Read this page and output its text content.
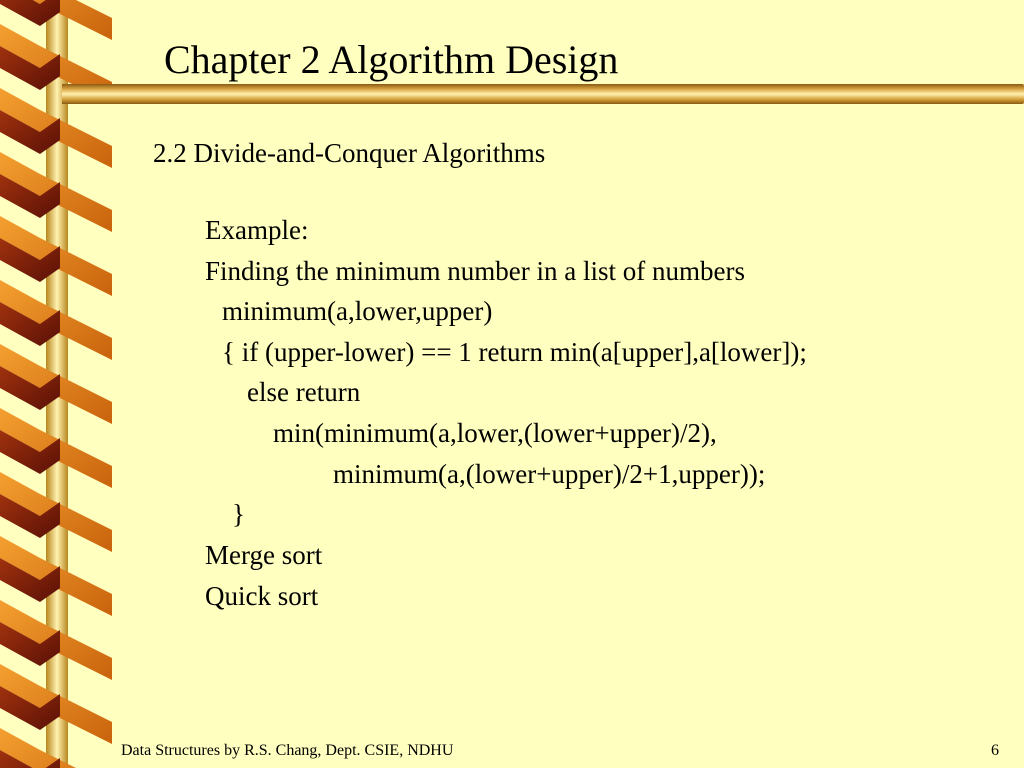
Chapter 2 Algorithm Design
2.2 Divide-and-Conquer Algorithms
Example:
Finding the minimum number in a list of numbers
minimum(a,lower,upper)
{ if (upper-lower) == 1 return min(a[upper],a[lower]);
else return
min(minimum(a,lower,(lower+upper)/2),
minimum(a,(lower+upper)/2+1,upper));
}
Merge sort
Quick sort
Data Structures by R.S. Chang, Dept. CSIE, NDHU	6
